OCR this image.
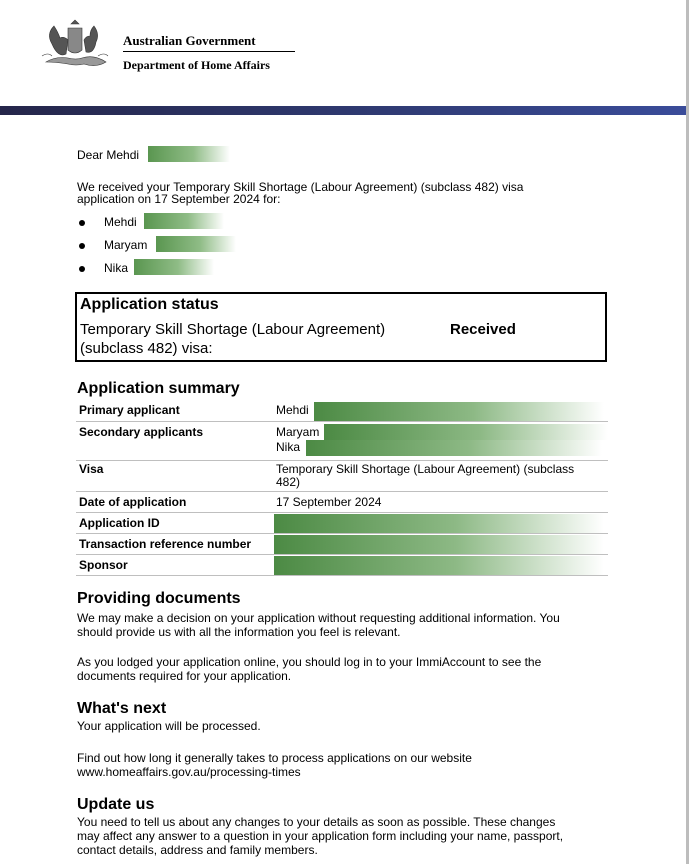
Australian Government
Department of Home Affairs
Dear Mehdi
We received your Temporary Skill Shortage (Labour Agreement) (subclass 482) visa
application on 17 September 2024 for:
Mehdi
Maryam
Nika
Application status
Temporary Skill Shortage (Labour Agreement)
(subclass 482) visa:
Received
Application summary
Primary applicant	Mehdi
Secondary applicants	Maryam
Nika
Visa	Temporary Skill Shortage (Labour Agreement) (subclass
482)
Date of application	17 September 2024
Application ID
Transaction reference number
Sponsor
Providing documents
We may make a decision on your application without requesting additional information. You
should provide us with all the information you feel is relevant.
As you lodged your application online, you should log in to your ImmiAccount to see the
documents required for your application.
What's next
Your application will be processed.
Find out how long it generally takes to process applications on our website
www.homeaffairs.gov.au/processing-times
Update us
You need to tell us about any changes to your details as soon as possible. These changes
may affect any answer to a question in your application form including your name, passport,
contact details, address and family members.
